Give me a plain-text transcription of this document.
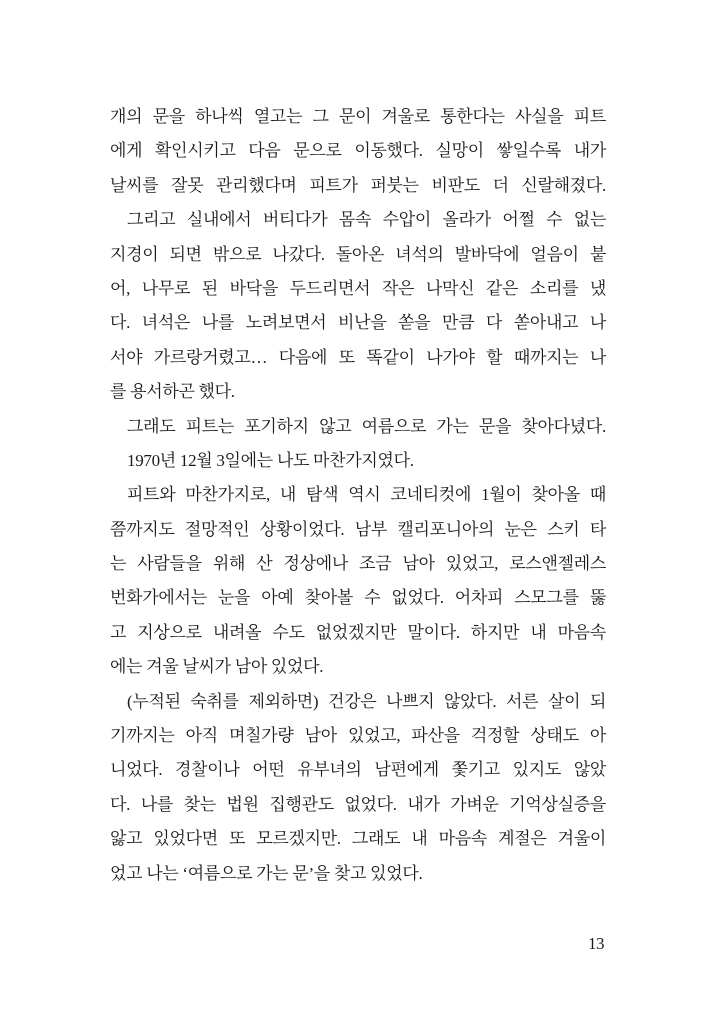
개의 문을 하나씩 열고는 그 문이 겨울로 통한다는 사실을 피트
에게 확인시키고 다음 문으로 이동했다. 실망이 쌓일수록 내가
날씨를 잘못 관리했다며 피트가 퍼붓는 비판도 더 신랄해졌다.
그리고 실내에서 버티다가 몸속 수압이 올라가 어쩔 수 없는
지경이 되면 밖으로 나갔다. 돌아온 녀석의 발바닥에 얼음이 붙
어, 나무로 된 바닥을 두드리면서 작은 나막신 같은 소리를 냈
다. 녀석은 나를 노려보면서 비난을 쏟을 만큼 다 쏟아내고 나
서야 가르랑거렸고… 다음에 또 똑같이 나가야 할 때까지는 나
를 용서하곤 했다.
그래도 피트는 포기하지 않고 여름으로 가는 문을 찾아다녔다.
1970년 12월 3일에는 나도 마찬가지였다.
피트와 마찬가지로, 내 탐색 역시 코네티컷에 1월이 찾아올 때
쯤까지도 절망적인 상황이었다. 남부 캘리포니아의 눈은 스키 타
는 사람들을 위해 산 정상에나 조금 남아 있었고, 로스앤젤레스
번화가에서는 눈을 아예 찾아볼 수 없었다. 어차피 스모그를 뚫
고 지상으로 내려올 수도 없었겠지만 말이다. 하지만 내 마음속
에는 겨울 날씨가 남아 있었다.
(누적된 숙취를 제외하면) 건강은 나쁘지 않았다. 서른 살이 되
기까지는 아직 며칠가량 남아 있었고, 파산을 걱정할 상태도 아
니었다. 경찰이나 어떤 유부녀의 남편에게 쫓기고 있지도 않았
다. 나를 찾는 법원 집행관도 없었다. 내가 가벼운 기억상실증을
앓고 있었다면 또 모르겠지만. 그래도 내 마음속 계절은 겨울이
었고 나는 ‘여름으로 가는 문’을 찾고 있었다.
13
